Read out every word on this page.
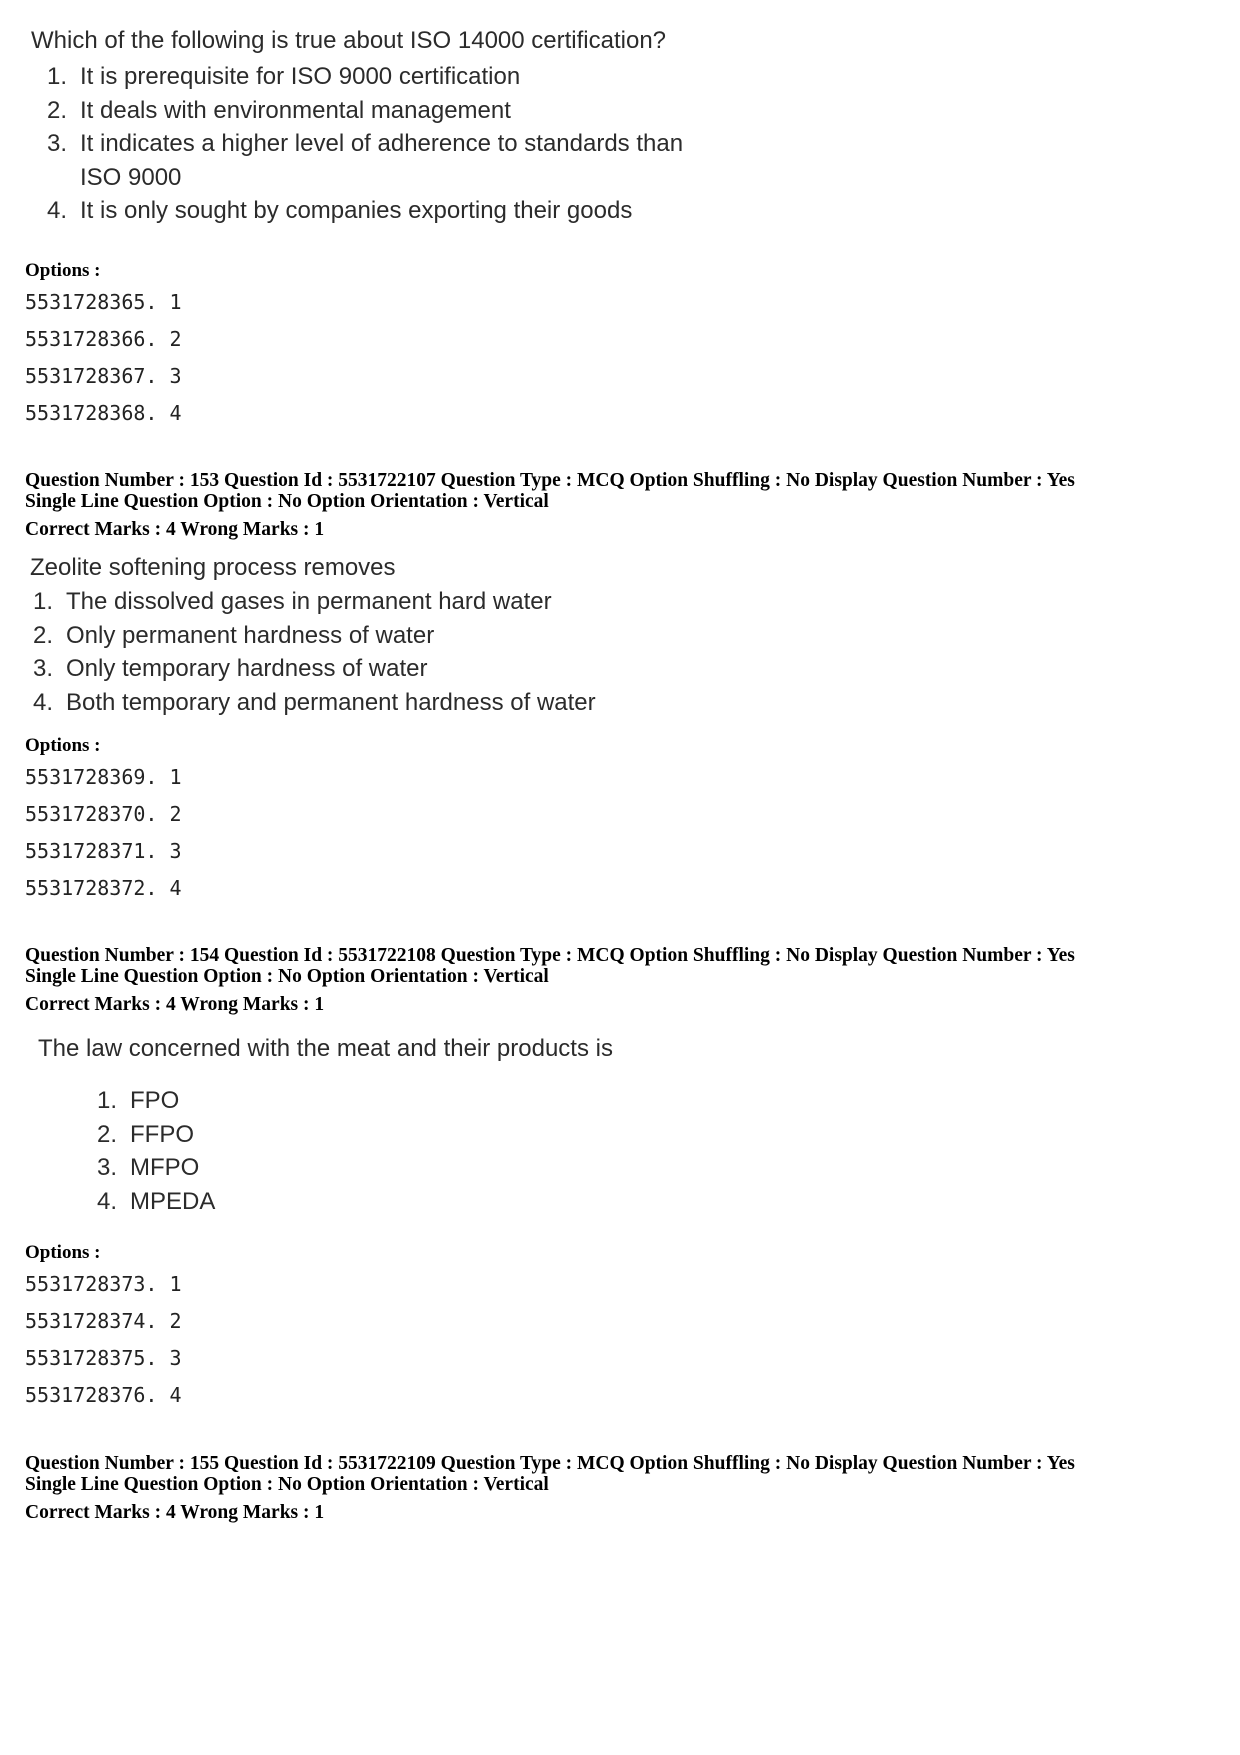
Which of the following is true about ISO 14000 certification?
1. It is prerequisite for ISO 9000 certification
2. It deals with environmental management
3. It indicates a higher level of adherence to standards than ISO 9000
4. It is only sought by companies exporting their goods
Options :
5531728365. 1
5531728366. 2
5531728367. 3
5531728368. 4
Question Number : 153 Question Id : 5531722107 Question Type : MCQ Option Shuffling : No Display Question Number : Yes
Single Line Question Option : No Option Orientation : Vertical
Correct Marks : 4 Wrong Marks : 1
Zeolite softening process removes
1. The dissolved gases in permanent hard water
2. Only permanent hardness of water
3. Only temporary hardness of water
4. Both temporary and permanent hardness of water
Options :
5531728369. 1
5531728370. 2
5531728371. 3
5531728372. 4
Question Number : 154 Question Id : 5531722108 Question Type : MCQ Option Shuffling : No Display Question Number : Yes
Single Line Question Option : No Option Orientation : Vertical
Correct Marks : 4 Wrong Marks : 1
The law concerned with the meat and their products is
1. FPO
2. FFPO
3. MFPO
4. MPEDA
Options :
5531728373. 1
5531728374. 2
5531728375. 3
5531728376. 4
Question Number : 155 Question Id : 5531722109 Question Type : MCQ Option Shuffling : No Display Question Number : Yes
Single Line Question Option : No Option Orientation : Vertical
Correct Marks : 4 Wrong Marks : 1
